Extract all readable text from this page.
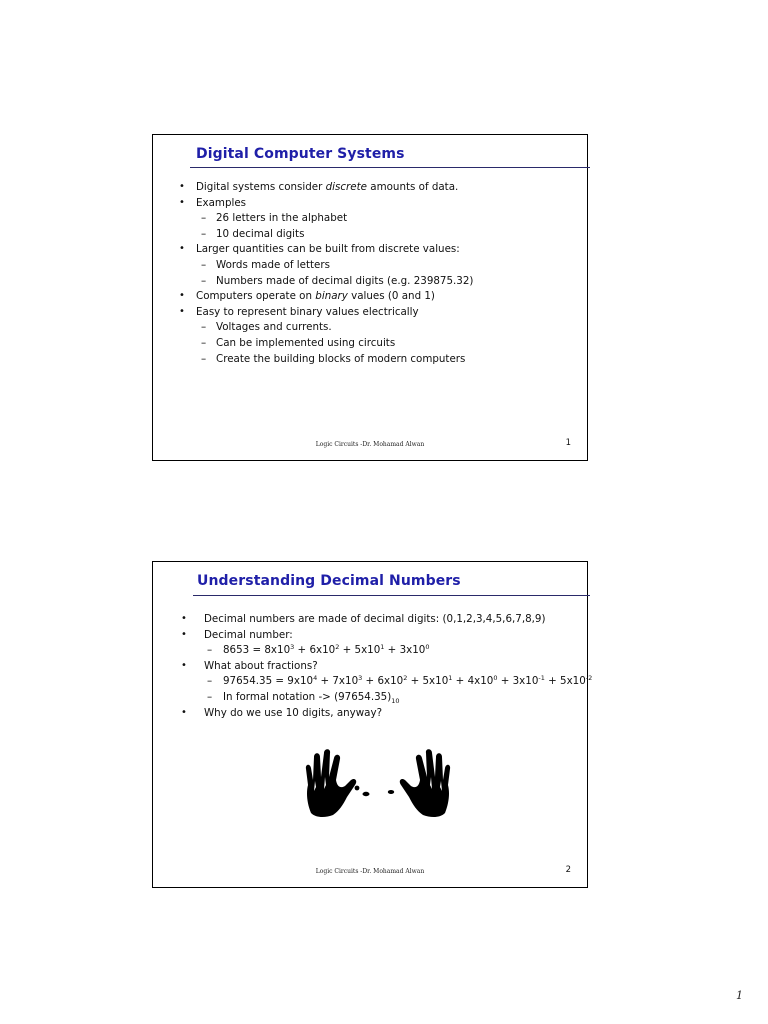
Digital Computer Systems
• Digital systems consider discrete amounts of data.
• Examples
– 26 letters in the alphabet
– 10 decimal digits
• Larger quantities can be built from discrete values:
– Words made of letters
– Numbers made of decimal digits (e.g. 239875.32)
• Computers operate on binary values (0 and 1)
• Easy to represent binary values electrically
– Voltages and currents.
– Can be implemented using circuits
– Create the building blocks of modern computers
Logic Circuits -Dr. Mohamad Alwan	1
Understanding Decimal Numbers
• Decimal numbers are made of decimal digits: (0,1,2,3,4,5,6,7,8,9)
• Decimal number:
– $8653 = 8x10^3 + 6x10^2 + 5x10^1 + 3x10^0$
• What about fractions?
– $97654.35 = 9x10^4 + 7x10^3 + 6x10^2 + 5x10^1 + 4x10^0 + 3x10^{-1} + 5x10^{-2}$
– In formal notation -> $(97654.35)_{10}$
• Why do we use 10 digits, anyway?
Logic Circuits -Dr. Mohamad Alwan	2
1
